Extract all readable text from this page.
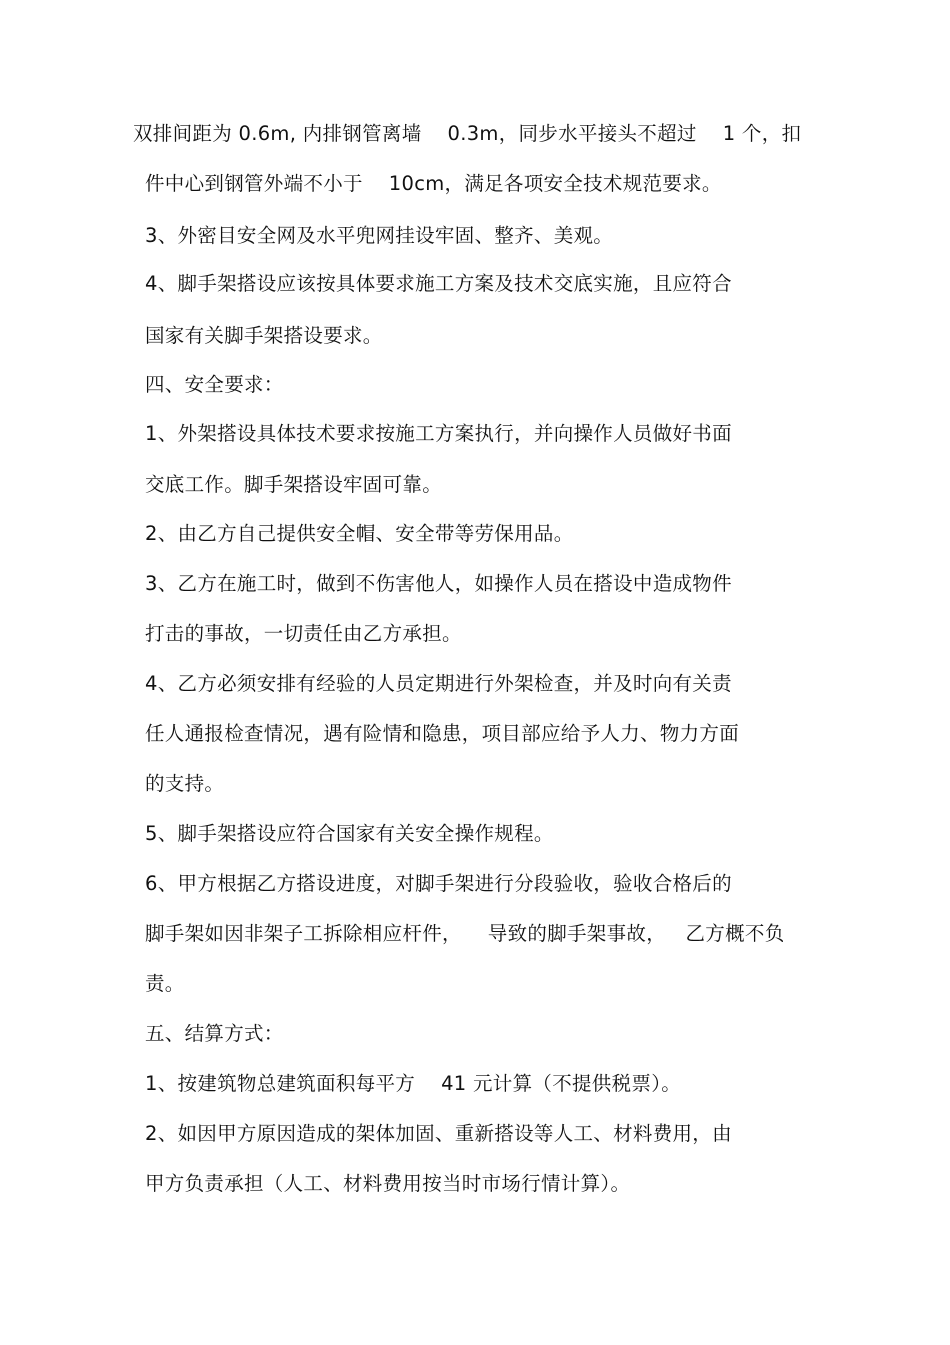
双排间距为 0.6m, 内排钢管离墙    0.3m，同步水平接头不超过    1 个，扣
件中心到钢管外端不小于    10cm，满足各项安全技术规范要求。
3、外密目安全网及水平兜网挂设牢固、整齐、美观。
4、脚手架搭设应该按具体要求施工方案及技术交底实施，且应符合
国家有关脚手架搭设要求。
四、安全要求：
1、外架搭设具体技术要求按施工方案执行，并向操作人员做好书面
交底工作。脚手架搭设牢固可靠。
2、由乙方自己提供安全帽、安全带等劳保用品。
3、乙方在施工时，做到不伤害他人，如操作人员在搭设中造成物件
打击的事故，一切责任由乙方承担。
4、乙方必须安排有经验的人员定期进行外架检查，并及时向有关责
任人通报检查情况，遇有险情和隐患，项目部应给予人力、物力方面
的支持。
5、脚手架搭设应符合国家有关安全操作规程。
6、甲方根据乙方搭设进度，对脚手架进行分段验收，验收合格后的
脚手架如因非架子工拆除相应杆件，    导致的脚手架事故，   乙方概不负
责。
五、结算方式：
1、按建筑物总建筑面积每平方    41 元计算（不提供税票）。
2、如因甲方原因造成的架体加固、重新搭设等人工、材料费用，由
甲方负责承担（人工、材料费用按当时市场行情计算）。
